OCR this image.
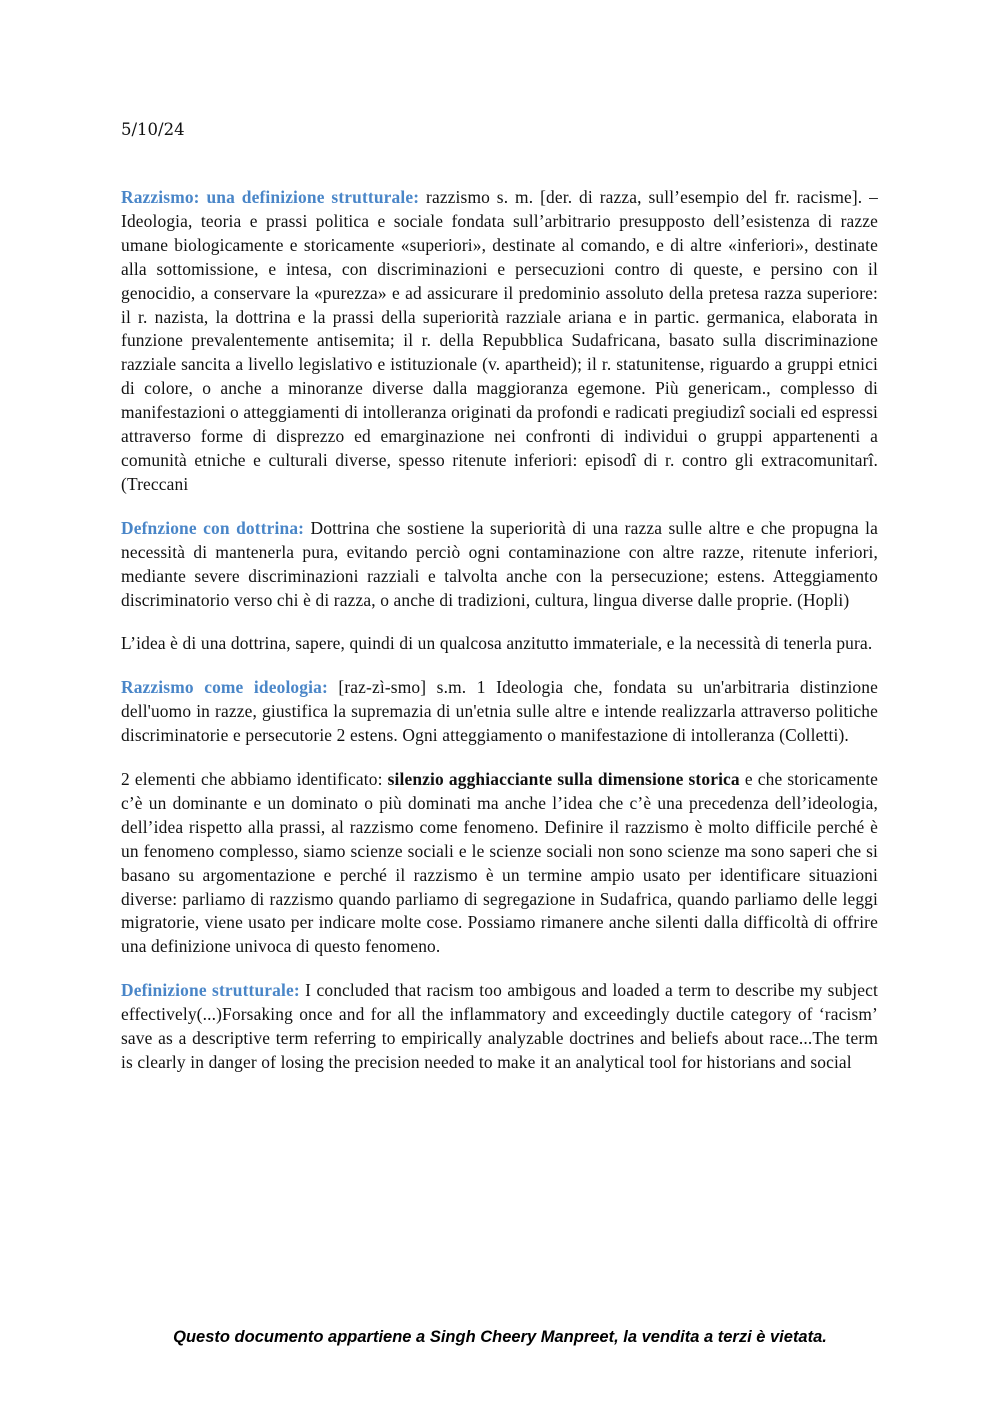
5/10/24

Razzismo: una definizione strutturale: razzismo s. m. [der. di razza, sull’esempio del fr. racisme]. – Ideologia, teoria e prassi politica e sociale fondata sull’arbitrario presupposto dell’esistenza di razze umane biologicamente e storicamente «superiori», destinate al comando, e di altre «inferiori», destinate alla sottomissione, e intesa, con discriminazioni e persecuzioni contro di queste, e persino con il genocidio, a conservare la «purezza» e ad assicurare il predominio assoluto della pretesa razza superiore: il r. nazista, la dottrina e la prassi della superiorità razziale ariana e in partic. germanica, elaborata in funzione prevalentemente antisemita; il r. della Repubblica Sudafricana, basato sulla discriminazione razziale sancita a livello legislativo e istituzionale (v. apartheid); il r. statunitense, riguardo a gruppi etnici di colore, o anche a minoranze diverse dalla maggioranza egemone. Più genericam., complesso di manifestazioni o atteggiamenti di intolleranza originati da profondi e radicati pregiudizî sociali ed espressi attraverso forme di disprezzo ed emarginazione nei confronti di individui o gruppi appartenenti a comunità etniche e culturali diverse, spesso ritenute inferiori: episodî di r. contro gli extracomunitarî. (Treccani

Defnzione con dottrina: Dottrina che sostiene la superiorità di una razza sulle altre e che propugna la necessità di mantenerla pura, evitando perciò ogni contaminazione con altre razze, ritenute inferiori, mediante severe discriminazioni razziali e talvolta anche con la persecuzione; estens. Atteggiamento discriminatorio verso chi è di razza, o anche di tradizioni, cultura, lingua diverse dalle proprie. (Hopli)

L’idea è di una dottrina, sapere, quindi di un qualcosa anzitutto immateriale, e la necessità di tenerla pura.

Razzismo come ideologia: [raz-zì-smo] s.m. 1 Ideologia che, fondata su un'arbitraria distinzione dell'uomo in razze, giustifica la supremazia di un'etnia sulle altre e intende realizzarla attraverso politiche discriminatorie e persecutorie 2 estens. Ogni atteggiamento o manifestazione di intolleranza (Colletti).

2 elementi che abbiamo identificato: silenzio agghiacciante sulla dimensione storica e che storicamente c’è un dominante e un dominato o più dominati ma anche l’idea che c’è una precedenza dell’ideologia, dell’idea rispetto alla prassi, al razzismo come fenomeno. Definire il razzismo è molto difficile perché è un fenomeno complesso, siamo scienze sociali e le scienze sociali non sono scienze ma sono saperi che si basano su argomentazione e perché il razzismo è un termine ampio usato per identificare situazioni diverse: parliamo di razzismo quando parliamo di segregazione in Sudafrica, quando parliamo delle leggi migratorie, viene usato per indicare molte cose. Possiamo rimanere anche silenti dalla difficoltà di offrire una definizione univoca di questo fenomeno.

Definizione strutturale: I concluded that racism too ambigous and loaded a term to describe my subject effectively(...)Forsaking once and for all the inflammatory and exceedingly ductile category of ‘racism’ save as a descriptive term referring to empirically analyzable doctrines and beliefs about race...The term is clearly in danger of losing the precision needed to make it an analytical tool for historians and social

Questo documento appartiene a Singh Cheery Manpreet, la vendita a terzi è vietata.
